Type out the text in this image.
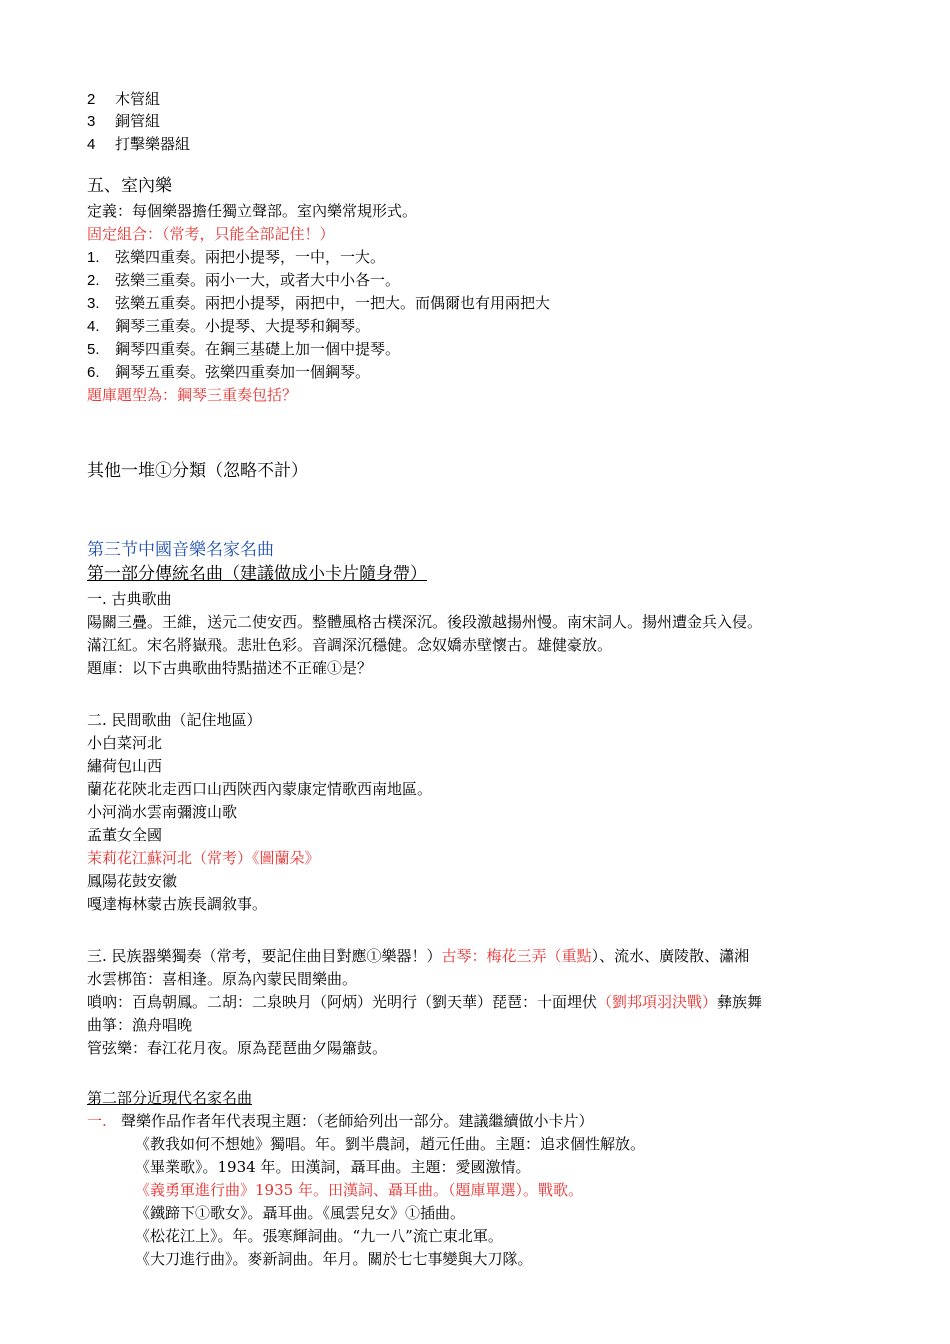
2 木管組
3 銅管組
4 打擊樂器組
五、室內樂
定義：每個樂器擔任獨立聲部。室內樂常規形式。
固定組合：（常考，只能全部記住！）
1. 弦樂四重奏。兩把小提琴，一中，一大。
2. 弦樂三重奏。兩小一大，或者大中小各一。
3. 弦樂五重奏。兩把小提琴，兩把中，一把大。而偶爾也有用兩把大
4. 鋼琴三重奏。小提琴、大提琴和鋼琴。
5. 鋼琴四重奏。在鋼三基礎上加一個中提琴。
6. 鋼琴五重奏。弦樂四重奏加一個鋼琴。
題庫題型為：鋼琴三重奏包括？
其他一堆①分類（忽略不計）
第三节中國音樂名家名曲
第一部分傳統名曲（建議做成小卡片隨身帶）
一. 古典歌曲
陽關三疊。王維，送元二使安西。整體風格古樸深沉。後段激越揚州慢。南宋詞人。揚州遭金兵入侵。
滿江紅。宋名將嶽飛。悲壯色彩。音調深沉穩健。念奴嬌赤壁懷古。雄健豪放。
題庫：以下古典歌曲特點描述不正確①是？
二. 民間歌曲（記住地區）
小白菜河北
繡荷包山西
蘭花花陝北走西口山西陝西內蒙康定情歌西南地區。
小河淌水雲南彌渡山歌
孟董女全國
茉莉花江蘇河北（常考）《圖蘭朵》
鳳陽花鼓安徽
嘎達梅林蒙古族長調敘事。
三. 民族器樂獨奏（常考，要記住曲目對應①樂器！）古琴：梅花三弄（重點）、流水、廣陵散、瀟湘
水雲梆笛：喜相逢。原為內蒙民間樂曲。
嗩吶：百鳥朝鳳。二胡：二泉映月（阿炳）光明行（劉天華）琵琶：十面埋伏（劉邦項羽決戰）彝族舞
曲箏：漁舟唱晚
管弦樂：春江花月夜。原為琵琶曲夕陽簫鼓。
第二部分近現代名家名曲
一. 聲樂作品作者年代表現主題：（老師給列出一部分。建議繼續做小卡片）
《教我如何不想她》獨唱。年。劉半農詞，趙元任曲。主題：追求個性解放。
《畢業歌》。1934 年。田漢詞，聶耳曲。主題：愛國激情。
《義勇軍進行曲》1935 年。田漢詞、聶耳曲。（題庫單選）。戰歌。
《鐵蹄下①歌女》。聶耳曲。《風雲兒女》①插曲。
《松花江上》。年。張寒輝詞曲。“九一八”流亡東北軍。
《大刀進行曲》。麥新詞曲。年月。關於七七事變與大刀隊。
